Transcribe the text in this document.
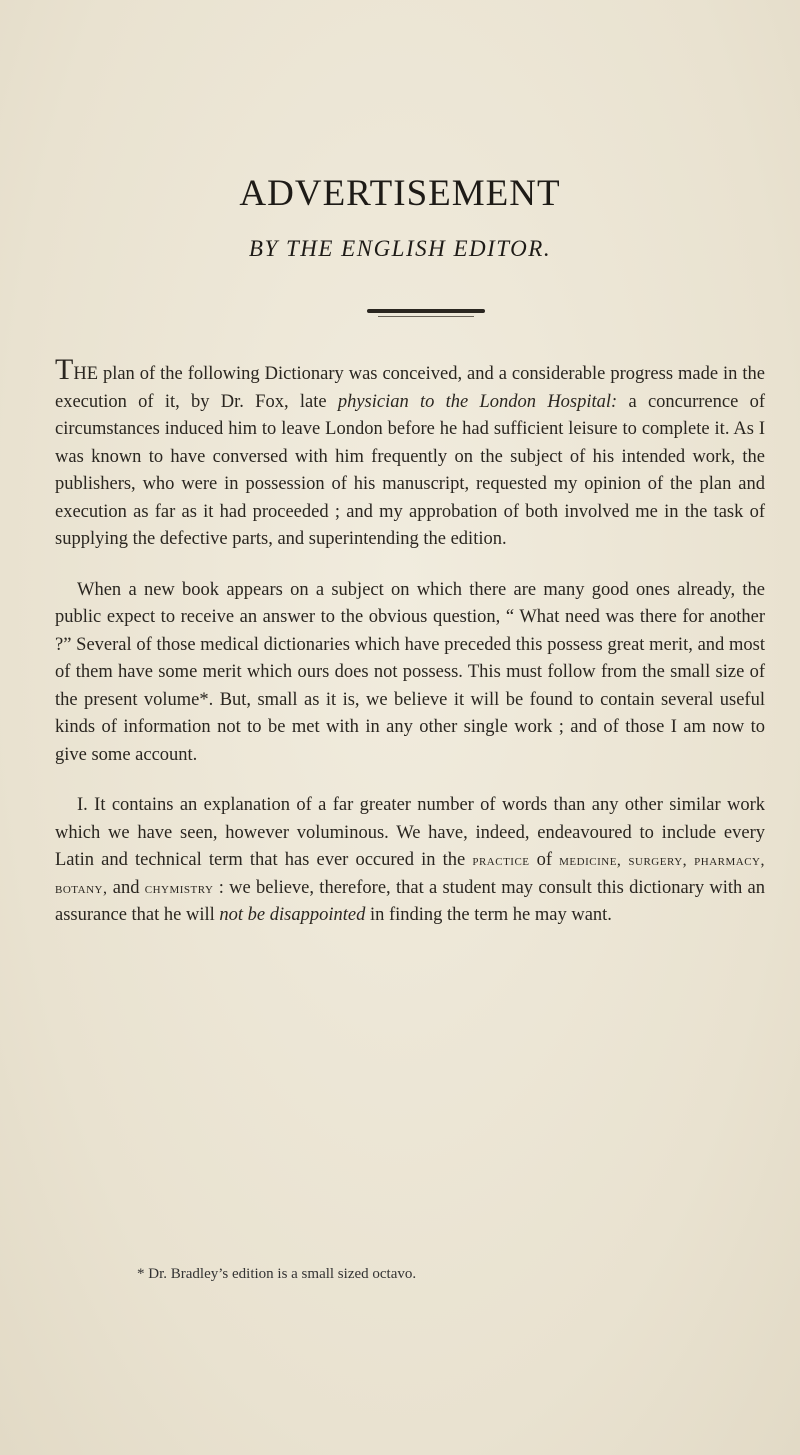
ADVERTISEMENT
BY THE ENGLISH EDITOR.

THE plan of the following Dictionary was conceived, and a considerable progress made in the execution of it, by Dr. Fox, late physician to the London Hospital: a concurrence of circumstances induced him to leave London before he had sufficient leisure to complete it. As I was known to have conversed with him frequently on the subject of his intended work, the publishers, who were in possession of his manuscript, requested my opinion of the plan and execution as far as it had proceeded ; and my approbation of both involved me in the task of supplying the defective parts, and superintending the edition.

When a new book appears on a subject on which there are many good ones already, the public expect to receive an answer to the obvious question, “ What need was there for another ?” Several of those medical dictionaries which have preceded this possess great merit, and most of them have some merit which ours does not possess. This must follow from the small size of the present volume*. But, small as it is, we believe it will be found to contain several useful kinds of information not to be met with in any other single work ; and of those I am now to give some account.

I. It contains an explanation of a far greater number of words than any other similar work which we have seen, however voluminous. We have, indeed, endeavoured to include every Latin and technical term that has ever occured in the practice of medicine, surgery, pharmacy, botany, and chymistry : we believe, therefore, that a student may consult this dictionary with an assurance that he will not be disappointed in finding the term he may want.

* Dr. Bradley’s edition is a small sized octavo.
